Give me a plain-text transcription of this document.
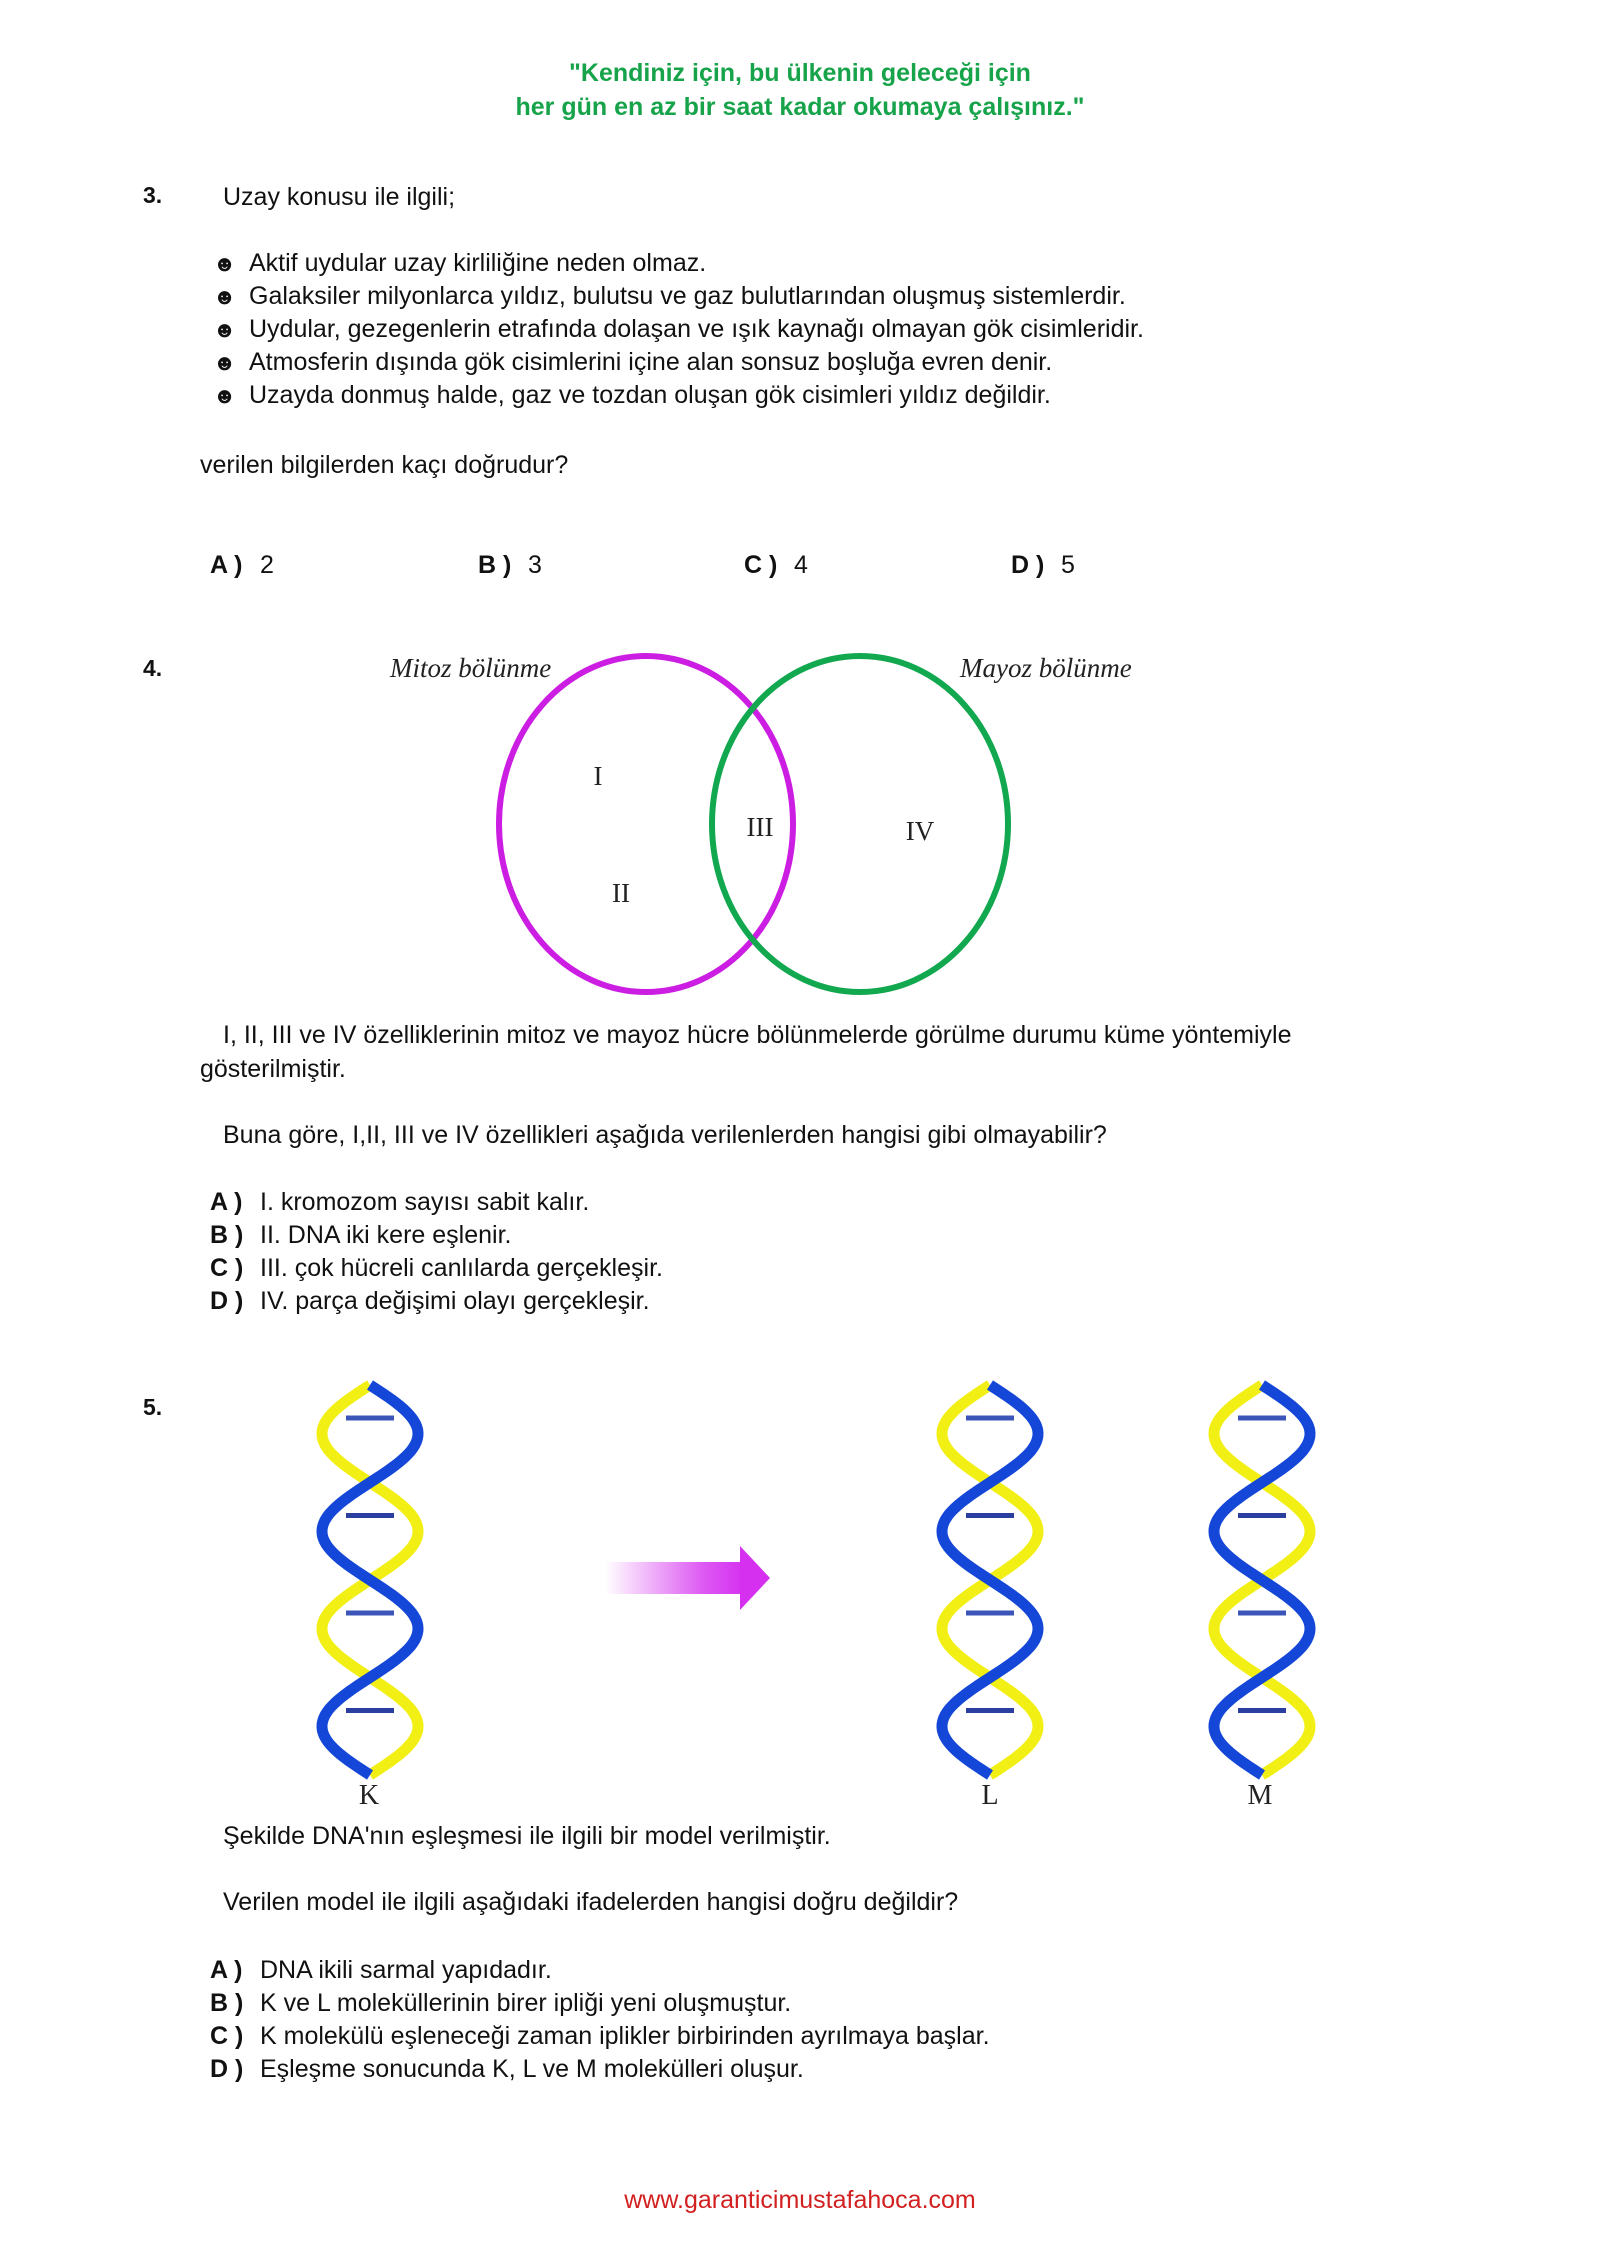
"Kendiniz için, bu ülkenin geleceği için
her gün en az bir saat kadar okumaya çalışınız."
3. Uzay konusu ile ilgili;
☻ Aktif uydular uzay kirliliğine neden olmaz.
☻ Galaksiler milyonlarca yıldız, bulutsu ve gaz bulutlarından oluşmuş sistemlerdir.
☻ Uydular, gezegenlerin etrafında dolaşan ve ışık kaynağı olmayan gök cisimleridir.
☻ Atmosferin dışında gök cisimlerini içine alan sonsuz boşluğa evren denir.
☻ Uzayda donmuş halde, gaz ve tozdan oluşan gök cisimleri yıldız değildir.
verilen bilgilerden kaçı doğrudur?
A ) 2	B ) 3	C ) 4	D ) 5
4.	Mitoz bölünme	Mayoz bölünme
I
II
III	IV
I, II, III ve IV özelliklerinin mitoz ve mayoz hücre bölünmelerde görülme durumu küme yöntemiyle
gösterilmiştir.
Buna göre, I,II, III ve IV özellikleri aşağıda verilenlerden hangisi gibi olmayabilir?
A ) I. kromozom sayısı sabit kalır.
B ) II. DNA iki kere eşlenir.
C ) III. çok hücreli canlılarda gerçekleşir.
D ) IV. parça değişimi olayı gerçekleşir.
5.
K	L	M
Şekilde DNA'nın eşleşmesi ile ilgili bir model verilmiştir.
Verilen model ile ilgili aşağıdaki ifadelerden hangisi doğru değildir?
A ) DNA ikili sarmal yapıdadır.
B ) K ve L moleküllerinin birer ipliği yeni oluşmuştur.
C ) K molekülü eşleneceği zaman iplikler birbirinden ayrılmaya başlar.
D ) Eşleşme sonucunda K, L ve M molekülleri oluşur.
www.garanticimustafahoca.com
